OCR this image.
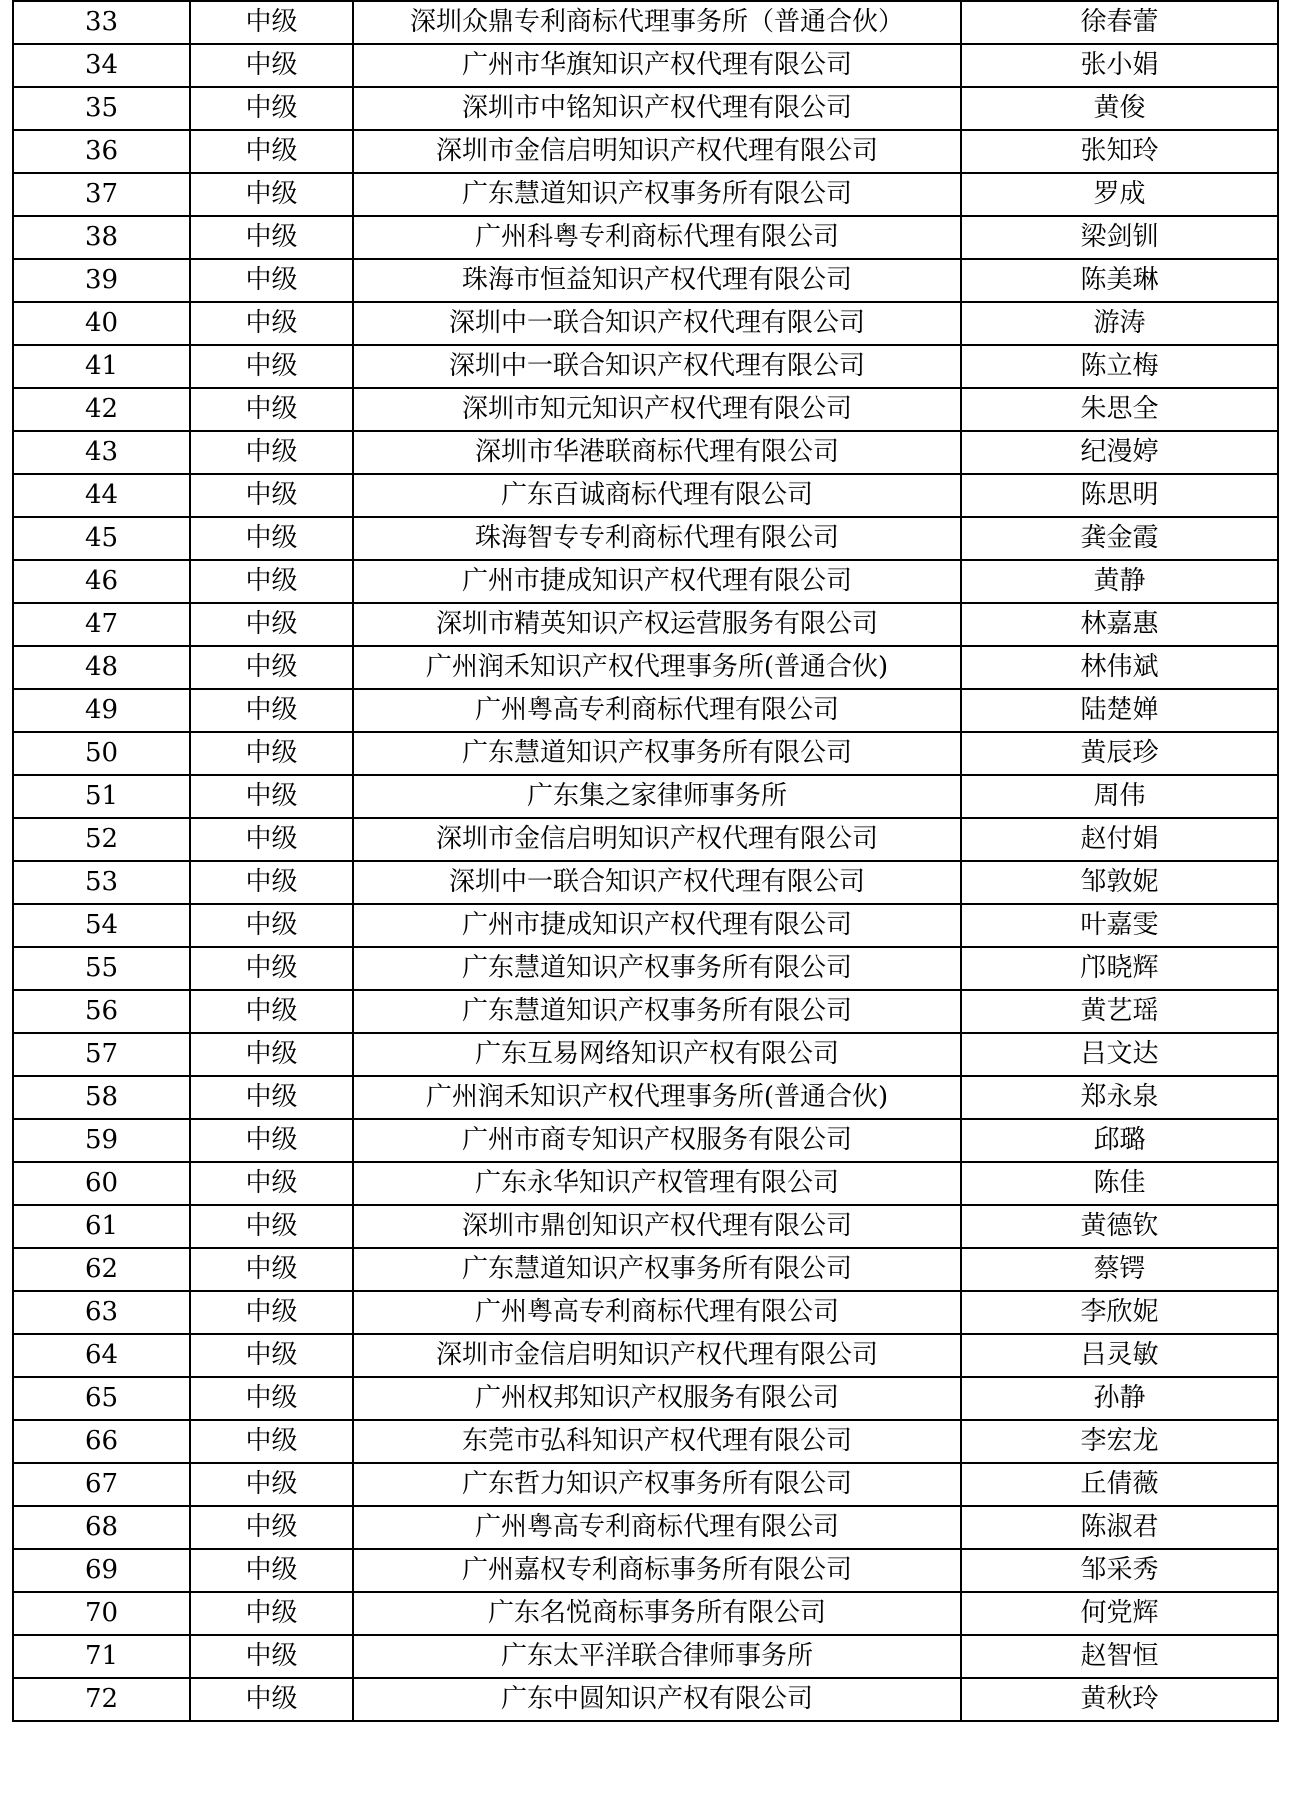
33	中级	深圳众鼎专利商标代理事务所（普通合伙）	徐春蕾
34	中级	广州市华旗知识产权代理有限公司	张小娟
35	中级	深圳市中铭知识产权代理有限公司	黄俊
36	中级	深圳市金信启明知识产权代理有限公司	张知玲
37	中级	广东慧道知识产权事务所有限公司	罗成
38	中级	广州科粤专利商标代理有限公司	梁剑钏
39	中级	珠海市恒益知识产权代理有限公司	陈美琳
40	中级	深圳中一联合知识产权代理有限公司	游涛
41	中级	深圳中一联合知识产权代理有限公司	陈立梅
42	中级	深圳市知元知识产权代理有限公司	朱思全
43	中级	深圳市华港联商标代理有限公司	纪漫婷
44	中级	广东百诚商标代理有限公司	陈思明
45	中级	珠海智专专利商标代理有限公司	龚金霞
46	中级	广州市捷成知识产权代理有限公司	黄静
47	中级	深圳市精英知识产权运营服务有限公司	林嘉惠
48	中级	广州润禾知识产权代理事务所(普通合伙)	林伟斌
49	中级	广州粤高专利商标代理有限公司	陆楚婵
50	中级	广东慧道知识产权事务所有限公司	黄辰珍
51	中级	广东集之家律师事务所	周伟
52	中级	深圳市金信启明知识产权代理有限公司	赵付娟
53	中级	深圳中一联合知识产权代理有限公司	邹敦妮
54	中级	广州市捷成知识产权代理有限公司	叶嘉雯
55	中级	广东慧道知识产权事务所有限公司	邝晓辉
56	中级	广东慧道知识产权事务所有限公司	黄艺瑶
57	中级	广东互易网络知识产权有限公司	吕文达
58	中级	广州润禾知识产权代理事务所(普通合伙)	郑永泉
59	中级	广州市商专知识产权服务有限公司	邱璐
60	中级	广东永华知识产权管理有限公司	陈佳
61	中级	深圳市鼎创知识产权代理有限公司	黄德钦
62	中级	广东慧道知识产权事务所有限公司	蔡锷
63	中级	广州粤高专利商标代理有限公司	李欣妮
64	中级	深圳市金信启明知识产权代理有限公司	吕灵敏
65	中级	广州权邦知识产权服务有限公司	孙静
66	中级	东莞市弘科知识产权代理有限公司	李宏龙
67	中级	广东哲力知识产权事务所有限公司	丘倩薇
68	中级	广州粤高专利商标代理有限公司	陈淑君
69	中级	广州嘉权专利商标事务所有限公司	邹采秀
70	中级	广东名悦商标事务所有限公司	何党辉
71	中级	广东太平洋联合律师事务所	赵智恒
72	中级	广东中圆知识产权有限公司	黄秋玲
